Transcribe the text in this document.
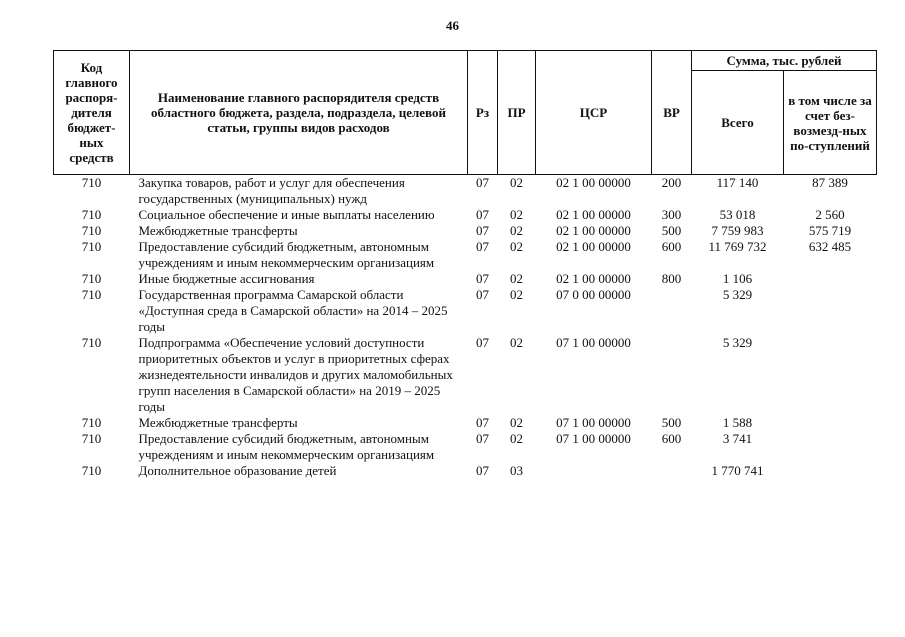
46
Код главного распоря-дителя бюджет-ных средств	Наименование главного распорядителя средств областного бюджета, раздела, подраздела, целевой статьи, группы видов расходов	Рз	ПР	ЦСР	ВР	Сумма, тыс. рублей	
						Всего	в том числе за счет без-возмезд-ных по-ступлений
710	Закупка товаров, работ и услуг для обеспечения государственных (муниципальных) нужд	07	02	02 1 00 00000	200	117 140	87 389
710	Социальное обеспечение и иные выплаты населению	07	02	02 1 00 00000	300	53 018	2 560
710	Межбюджетные трансферты	07	02	02 1 00 00000	500	7 759 983	575 719
710	Предоставление субсидий бюджетным, автономным учреждениям и иным некоммерческим организациям	07	02	02 1 00 00000	600	11 769 732	632 485
710	Иные бюджетные ассигнования	07	02	02 1 00 00000	800	1 106	
710	Государственная программа Самарской области «Доступная среда в Самарской области» на 2014 – 2025 годы	07	02	07 0 00 00000		5 329	
710	Подпрограмма «Обеспечение условий доступности приоритетных объектов и услуг в приоритетных сферах жизнедеятельности инвалидов и других маломобильных групп населения в Самарской области» на 2019 – 2025 годы	07	02	07 1 00 00000		5 329	
710	Межбюджетные трансферты	07	02	07 1 00 00000	500	1 588	
710	Предоставление субсидий бюджетным, автономным учреждениям и иным некоммерческим организациям	07	02	07 1 00 00000	600	3 741	
710	Дополнительное образование детей	07	03			1 770 741	
